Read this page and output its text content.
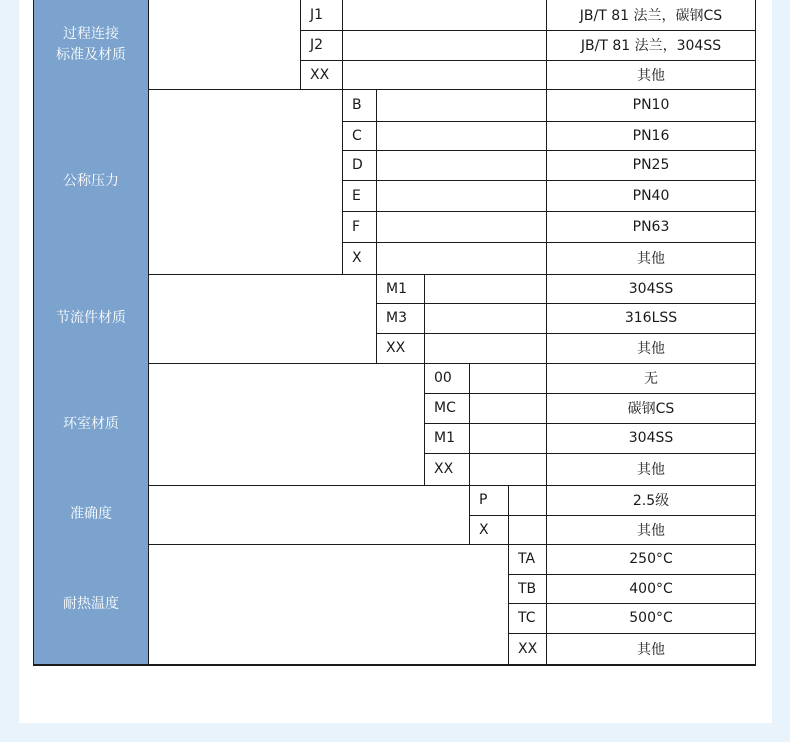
过程连接
标准及材质
J1	JB/T 81 法兰，碳钢CS
J2	JB/T 81 法兰，304SS
XX	其他
公称压力
B	PN10
C	PN16
D	PN25
E	PN40
F	PN63
X	其他
节流件材质
M1	304SS
M3	316LSS
XX	其他
环室材质
00	无
MC	碳钢CS
M1	304SS
XX	其他
准确度
P	2.5级
X	其他
耐热温度
TA	250°C
TB	400°C
TC	500°C
XX	其他
